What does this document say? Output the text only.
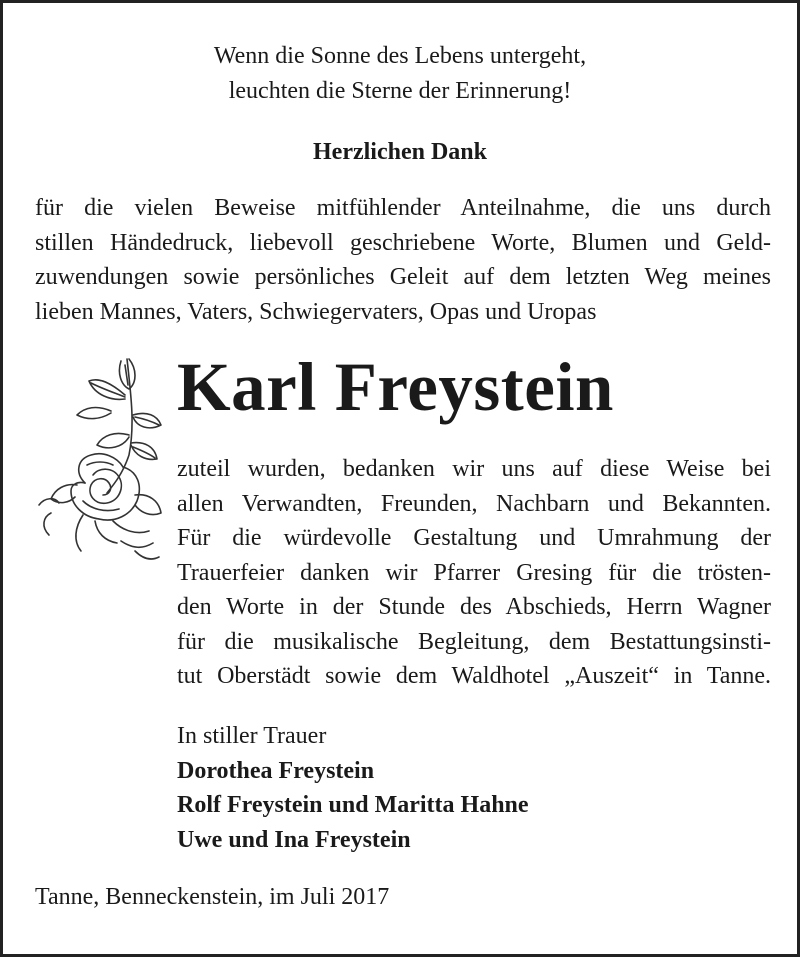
Wenn die Sonne des Lebens untergeht,
leuchten die Sterne der Erinnerung!
Herzlichen Dank
für die vielen Beweise mitfühlender Anteilnahme, die uns durch
stillen Händedruck, liebevoll geschriebene Worte, Blumen und Geld-
zuwendungen sowie persönliches Geleit auf dem letzten Weg meines
lieben Mannes, Vaters, Schwiegervaters, Opas und Uropas
Karl Freystein
zuteil wurden, bedanken wir uns auf diese Weise bei
allen Verwandten, Freunden, Nachbarn und Bekannten.
Für die würdevolle Gestaltung und Umrahmung der
Trauerfeier danken wir Pfarrer Gresing für die trösten-
den Worte in der Stunde des Abschieds, Herrn Wagner
für die musikalische Begleitung, dem Bestattungsinsti-
tut Oberstädt sowie dem Waldhotel „Auszeit“ in Tanne.
In stiller Trauer
Dorothea Freystein
Rolf Freystein und Maritta Hahne
Uwe und Ina Freystein
Tanne, Benneckenstein, im Juli 2017
